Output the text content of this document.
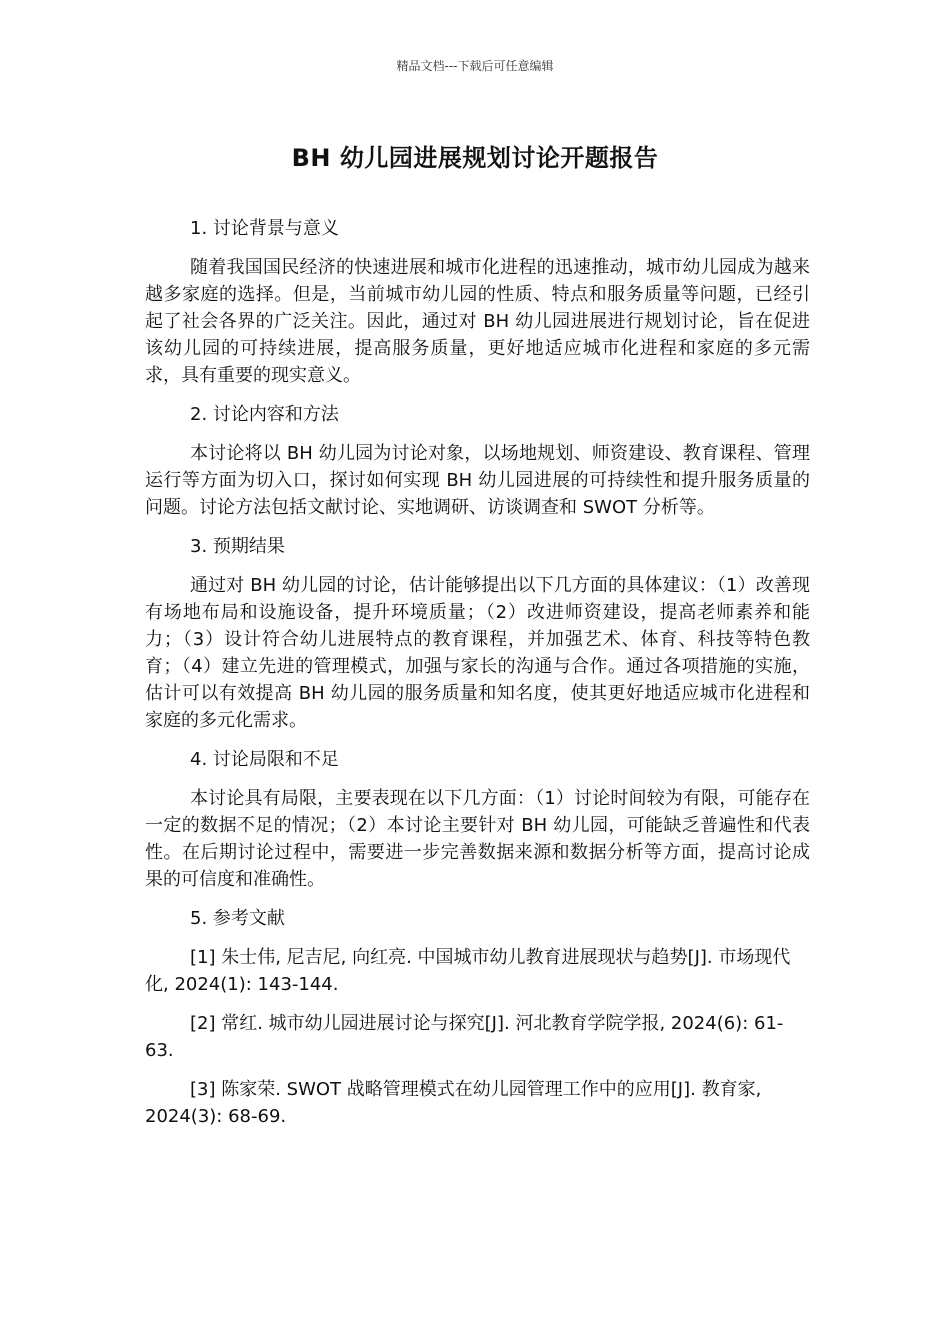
精品文档---下载后可任意编辑
BH 幼儿园进展规划讨论开题报告
1. 讨论背景与意义

随着我国国民经济的快速进展和城市化进程的迅速推动，城市幼儿园成为越来越多家庭的选择。但是，当前城市幼儿园的性质、特点和服务质量等问题，已经引起了社会各界的广泛关注。因此，通过对 BH 幼儿园进展进行规划讨论，旨在促进该幼儿园的可持续进展，提高服务质量，更好地适应城市化进程和家庭的多元需求，具有重要的现实意义。

2. 讨论内容和方法

本讨论将以 BH 幼儿园为讨论对象，以场地规划、师资建设、教育课程、管理运行等方面为切入口，探讨如何实现 BH 幼儿园进展的可持续性和提升服务质量的问题。讨论方法包括文献讨论、实地调研、访谈调查和 SWOT 分析等。

3. 预期结果

通过对 BH 幼儿园的讨论，估计能够提出以下几方面的具体建议：（1）改善现有场地布局和设施设备，提升环境质量；（2）改进师资建设，提高老师素养和能力；（3）设计符合幼儿进展特点的教育课程，并加强艺术、体育、科技等特色教育；（4）建立先进的管理模式，加强与家长的沟通与合作。通过各项措施的实施，估计可以有效提高 BH 幼儿园的服务质量和知名度，使其更好地适应城市化进程和家庭的多元化需求。

4. 讨论局限和不足

本讨论具有局限，主要表现在以下几方面：（1）讨论时间较为有限，可能存在一定的数据不足的情况；（2）本讨论主要针对 BH 幼儿园，可能缺乏普遍性和代表性。在后期讨论过程中，需要进一步完善数据来源和数据分析等方面，提高讨论成果的可信度和准确性。

5. 参考文献

[1] 朱士伟, 尼吉尼, 向红亮. 中国城市幼儿教育进展现状与趋势[J]. 市场现代化, 2024(1): 143-144.

[2] 常红. 城市幼儿园进展讨论与探究[J]. 河北教育学院学报, 2024(6): 61-63.

[3] 陈家荣. SWOT 战略管理模式在幼儿园管理工作中的应用[J]. 教育家, 2024(3): 68-69.
